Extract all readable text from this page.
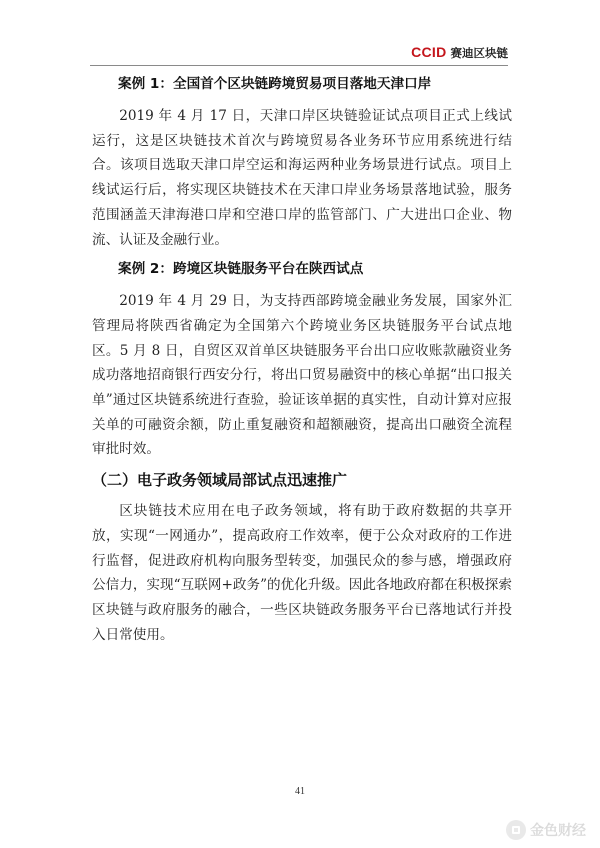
CCID 赛迪区块链
案例 1：全国首个区块链跨境贸易项目落地天津口岸

2019 年 4 月 17 日，天津口岸区块链验证试点项目正式上线试运行，这是区块链技术首次与跨境贸易各业务环节应用系统进行结合。该项目选取天津口岸空运和海运两种业务场景进行试点。项目上线试运行后，将实现区块链技术在天津口岸业务场景落地试验，服务范围涵盖天津海港口岸和空港口岸的监管部门、广大进出口企业、物流、认证及金融行业。

案例 2：跨境区块链服务平台在陕西试点

2019 年 4 月 29 日，为支持西部跨境金融业务发展，国家外汇管理局将陕西省确定为全国第六个跨境业务区块链服务平台试点地区。5 月 8 日，自贸区双首单区块链服务平台出口应收账款融资业务成功落地招商银行西安分行，将出口贸易融资中的核心单据“出口报关单”通过区块链系统进行查验，验证该单据的真实性，自动计算对应报关单的可融资余额，防止重复融资和超额融资，提高出口融资全流程审批时效。

（二）电子政务领域局部试点迅速推广

区块链技术应用在电子政务领域，将有助于政府数据的共享开放，实现“一网通办”，提高政府工作效率，便于公众对政府的工作进行监督，促进政府机构向服务型转变，加强民众的参与感，增强政府公信力，实现“互联网+政务”的优化升级。因此各地政府都在积极探索区块链与政府服务的融合，一些区块链政务服务平台已落地试行并投入日常使用。

41
金色财经
